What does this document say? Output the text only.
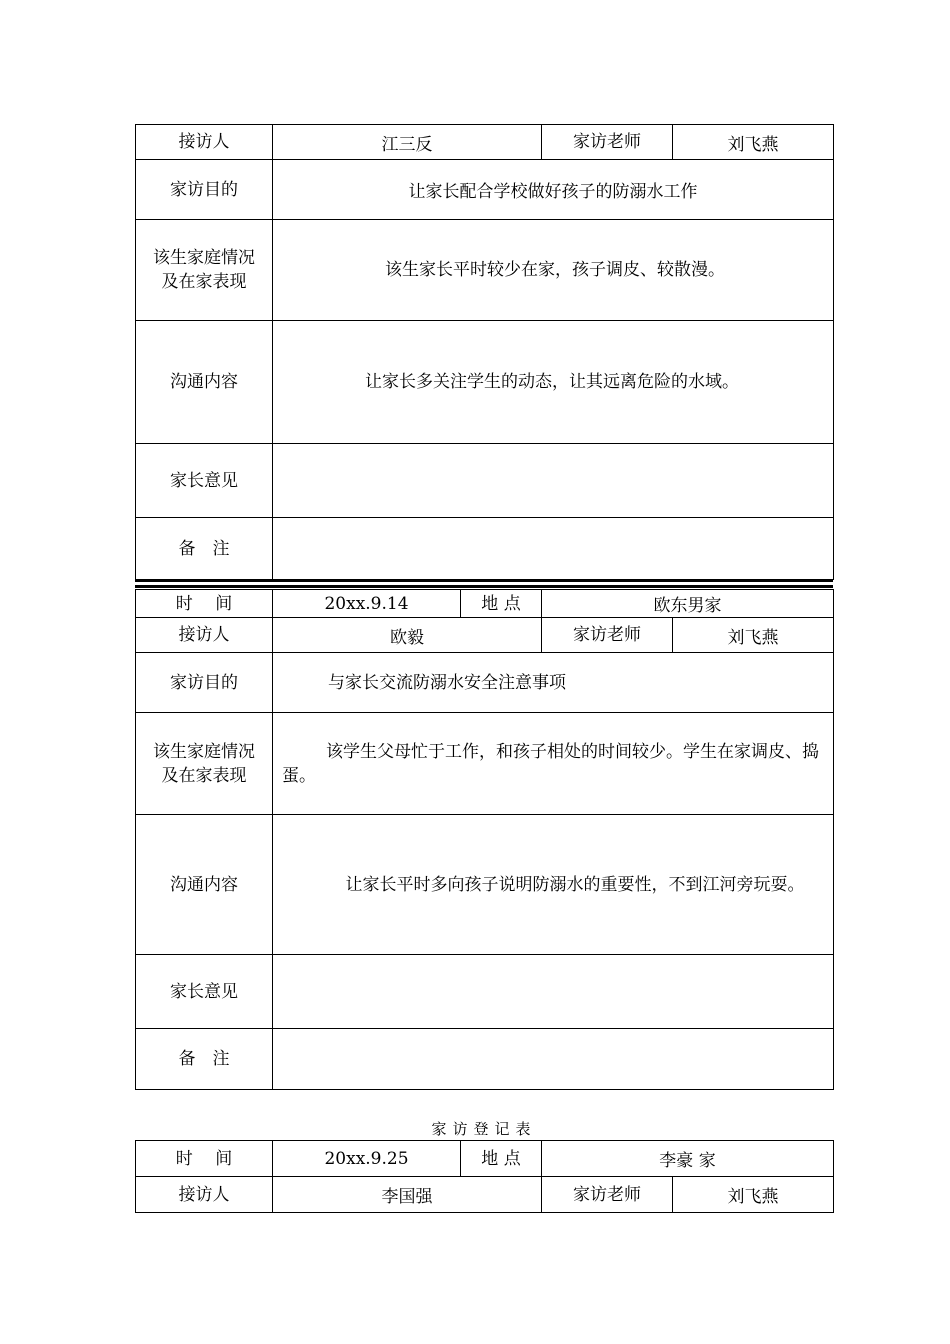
接访人	江三反	家访老师	刘飞燕
家访目的	让家长配合学校做好孩子的防溺水工作		
该生家庭情况及在家表现	该生家长平时较少在家，孩子调皮、较散漫。		
沟通内容	让家长多关注学生的动态，让其远离危险的水域。		
家长意见			
备　注			
时　 间	20xx.9.14	地 点	欧东男家	
接访人	欧毅		家访老师	刘飞燕
家访目的	与家长交流防溺水安全注意事项			
该生家庭情况及在家表现	该学生父母忙于工作，和孩子相处的时间较少。学生在家调皮、捣蛋。			
沟通内容	让家长平时多向孩子说明防溺水的重要性，不到江河旁玩耍。			
家长意见				
备　注				
家访登记表
时　 间	20xx.9.25	地 点	李豪 家	
接访人	李国强		家访老师	刘飞燕
